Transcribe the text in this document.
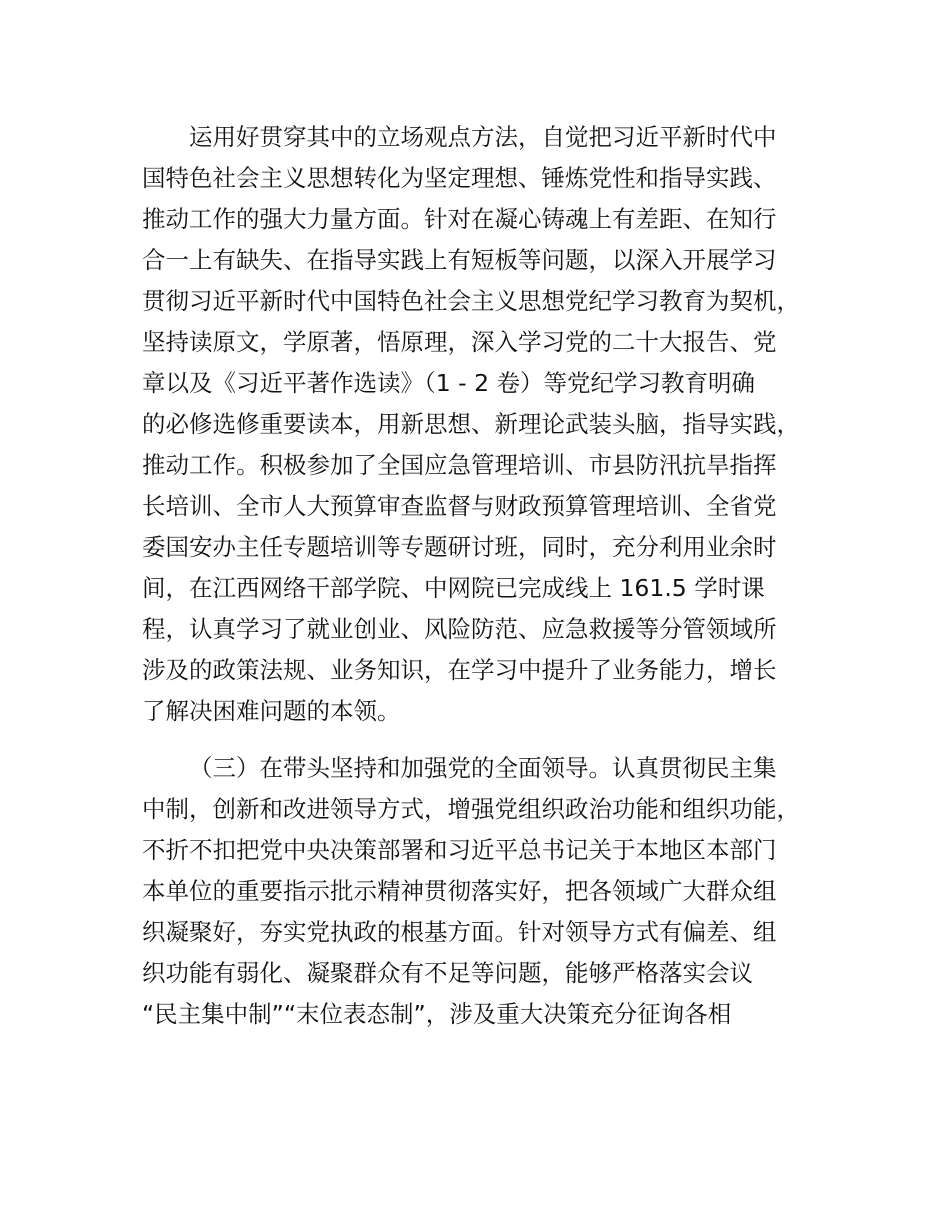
运用好贯穿其中的立场观点方法，自觉把习近平新时代中
国特色社会主义思想转化为坚定理想、锤炼党性和指导实践、
推动工作的强大力量方面。针对在凝心铸魂上有差距、在知行
合一上有缺失、在指导实践上有短板等问题，以深入开展学习
贯彻习近平新时代中国特色社会主义思想党纪学习教育为契机，
坚持读原文，学原著，悟原理，深入学习党的二十大报告、党
章以及《习近平著作选读》（1 - 2 卷）等党纪学习教育明确
的必修选修重要读本，用新思想、新理论武装头脑，指导实践，
推动工作。积极参加了全国应急管理培训、市县防汛抗旱指挥
长培训、全市人大预算审查监督与财政预算管理培训、全省党
委国安办主任专题培训等专题研讨班，同时，充分利用业余时
间，在江西网络干部学院、中网院已完成线上 161.5 学时课
程，认真学习了就业创业、风险防范、应急救援等分管领域所
涉及的政策法规、业务知识，在学习中提升了业务能力，增长
了解决困难问题的本领。
（三）在带头坚持和加强党的全面领导。认真贯彻民主集
中制，创新和改进领导方式，增强党组织政治功能和组织功能，
不折不扣把党中央决策部署和习近平总书记关于本地区本部门
本单位的重要指示批示精神贯彻落实好，把各领域广大群众组
织凝聚好，夯实党执政的根基方面。针对领导方式有偏差、组
织功能有弱化、凝聚群众有不足等问题，能够严格落实会议
“民主集中制”“末位表态制”，涉及重大决策充分征询各相
